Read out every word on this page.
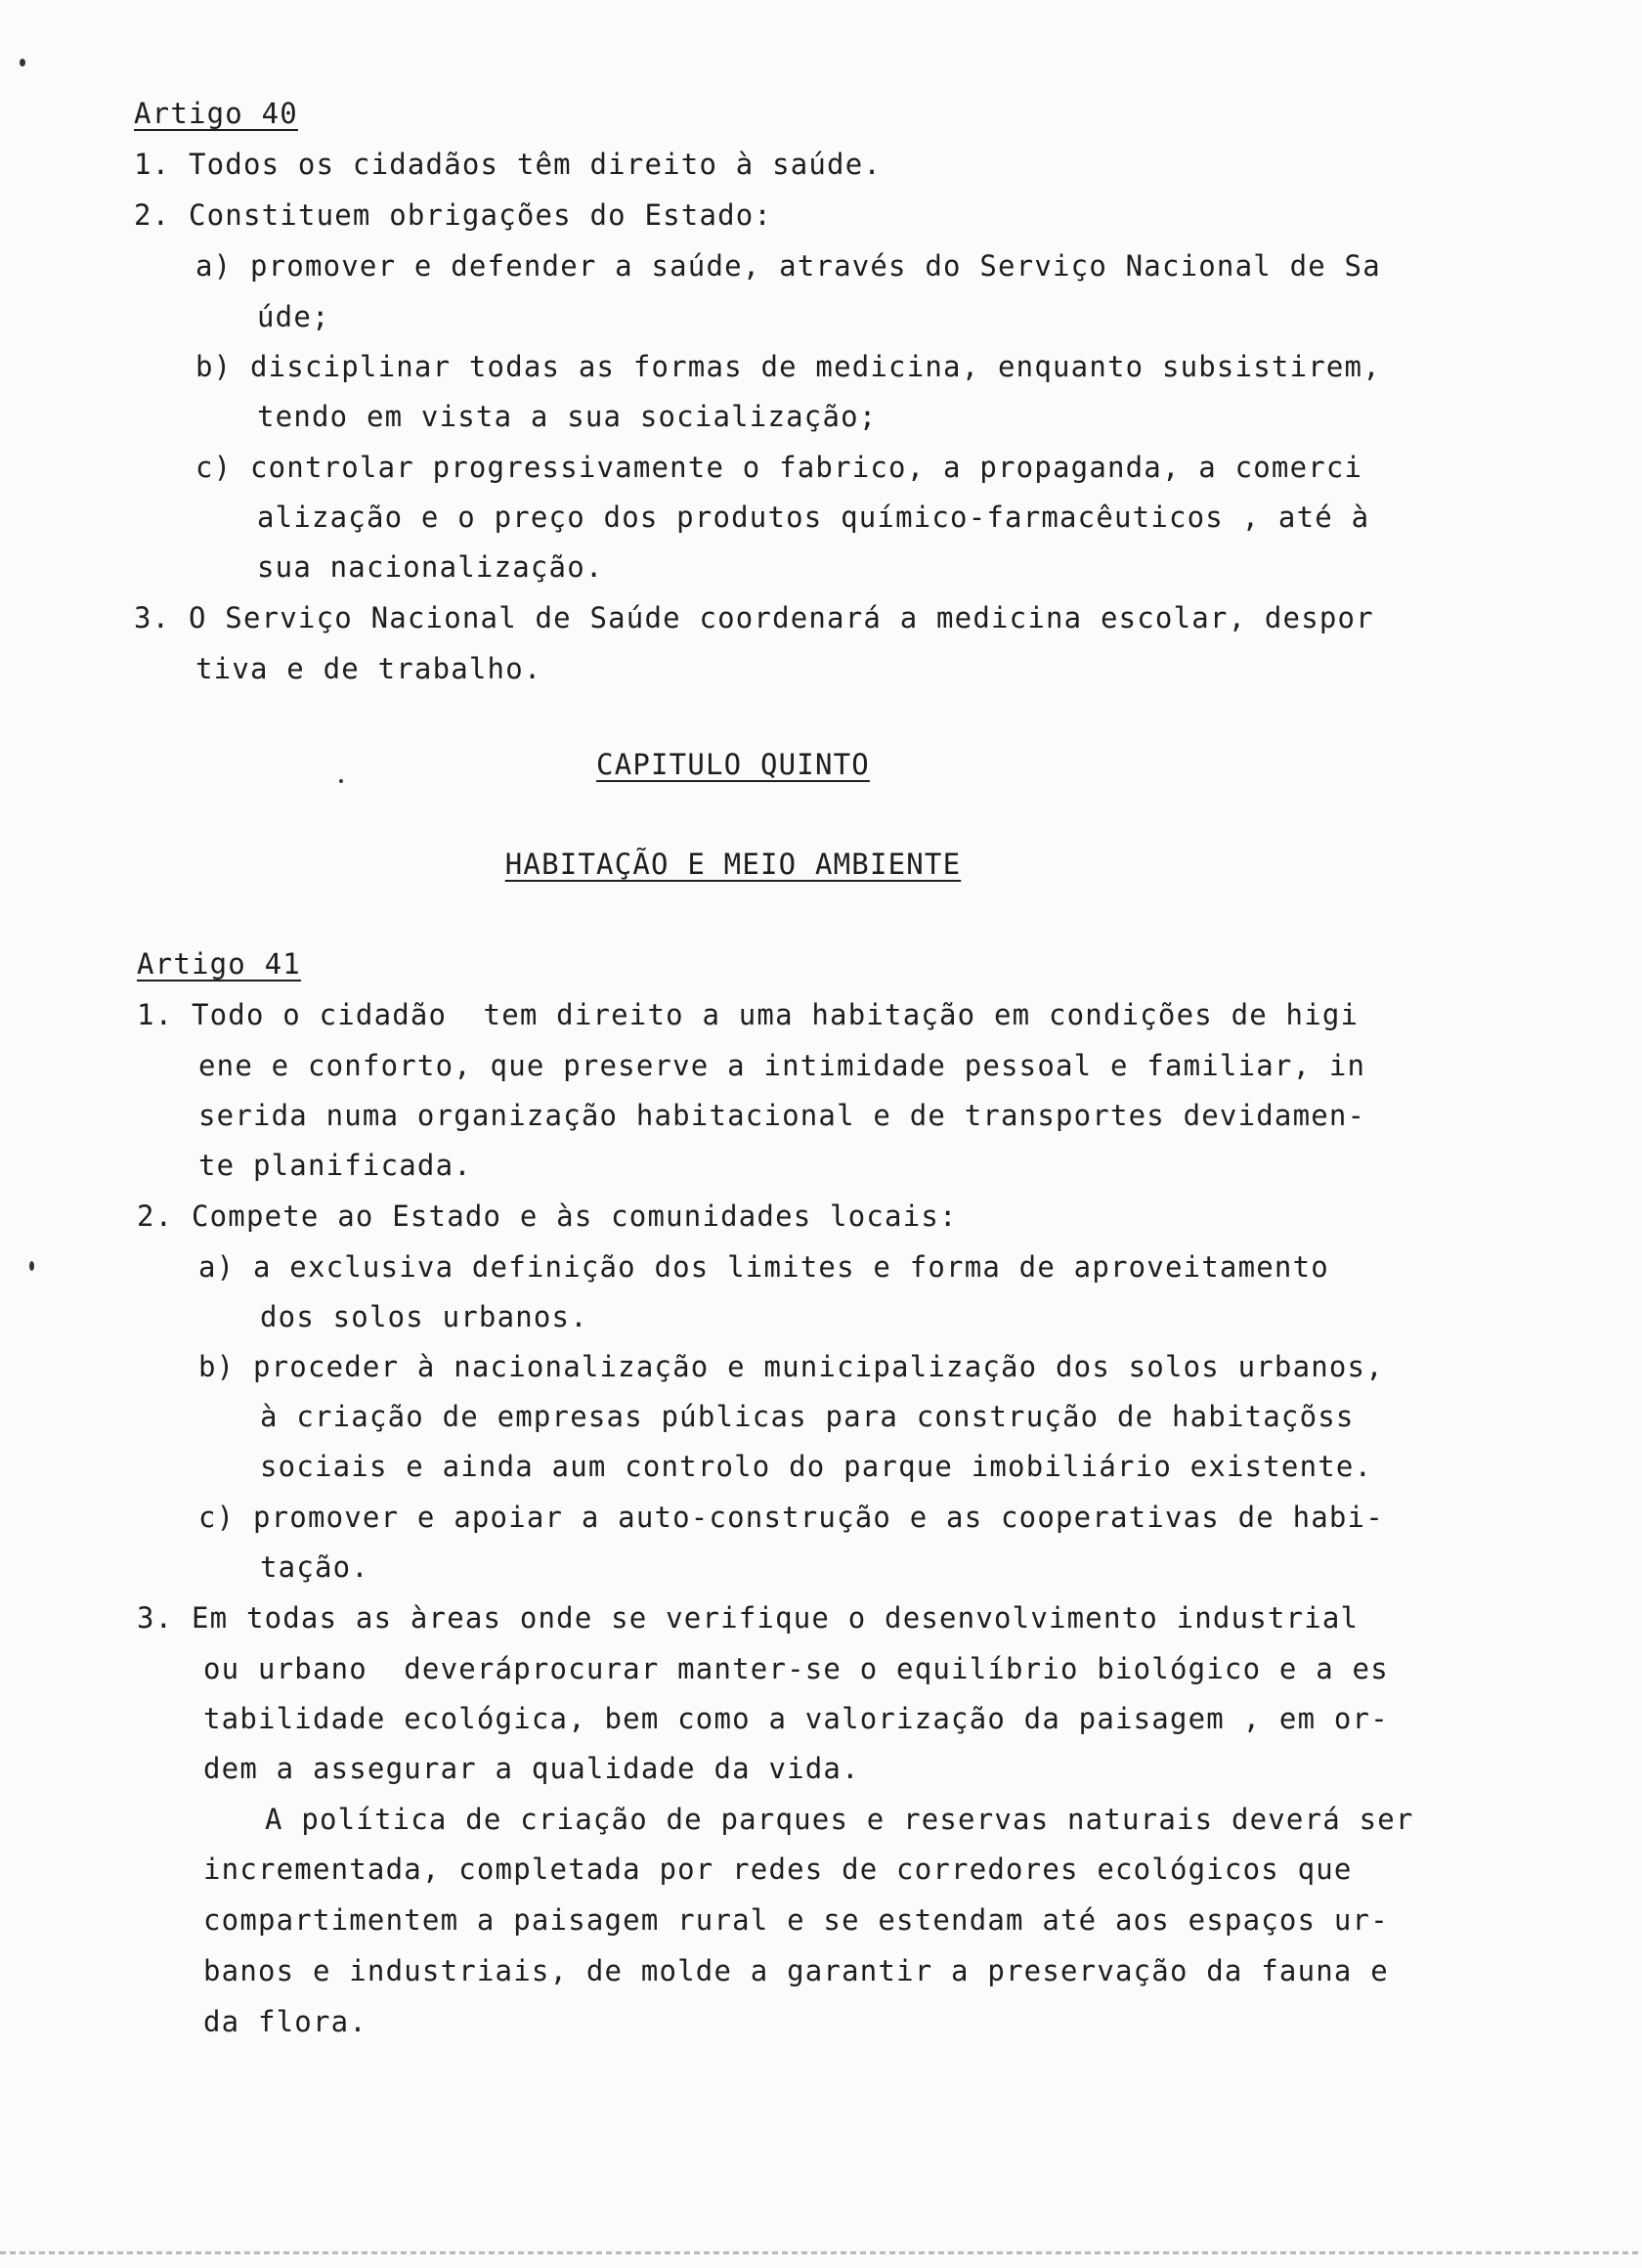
Artigo 40
1. Todos os cidadãos têm direito à saúde.
2. Constituem obrigações do Estado:
a) promover e defender a saúde, através do Serviço Nacional de Sa
úde;
b) disciplinar todas as formas de medicina, enquanto subsistirem,
tendo em vista a sua socialização;
c) controlar progressivamente o fabrico, a propaganda, a comerci
alização e o preço dos produtos químico-farmacêuticos , até à
sua nacionalização.
3. O Serviço Nacional de Saúde coordenará a medicina escolar, despor
tiva e de trabalho.
CAPITULO QUINTO
HABITAÇÃO E MEIO AMBIENTE
Artigo 41
1. Todo o cidadão  tem direito a uma habitação em condições de higi
ene e conforto, que preserve a intimidade pessoal e familiar, in
serida numa organização habitacional e de transportes devidamen-
te planificada.
2. Compete ao Estado e às comunidades locais:
a) a exclusiva definição dos limites e forma de aproveitamento
dos solos urbanos.
b) proceder à nacionalização e municipalização dos solos urbanos,
à criação de empresas públicas para construção de habitaçõss
sociais e ainda aum controlo do parque imobiliário existente.
c) promover e apoiar a auto-construção e as cooperativas de habi-
tação.
3. Em todas as àreas onde se verifique o desenvolvimento industrial
ou urbano  deveráprocurar manter-se o equilíbrio biológico e a es
tabilidade ecológica, bem como a valorização da paisagem , em or-
dem a assegurar a qualidade da vida.
A política de criação de parques e reservas naturais deverá ser
incrementada, completada por redes de corredores ecológicos que
compartimentem a paisagem rural e se estendam até aos espaços ur-
banos e industriais, de molde a garantir a preservação da fauna e
da flora.
